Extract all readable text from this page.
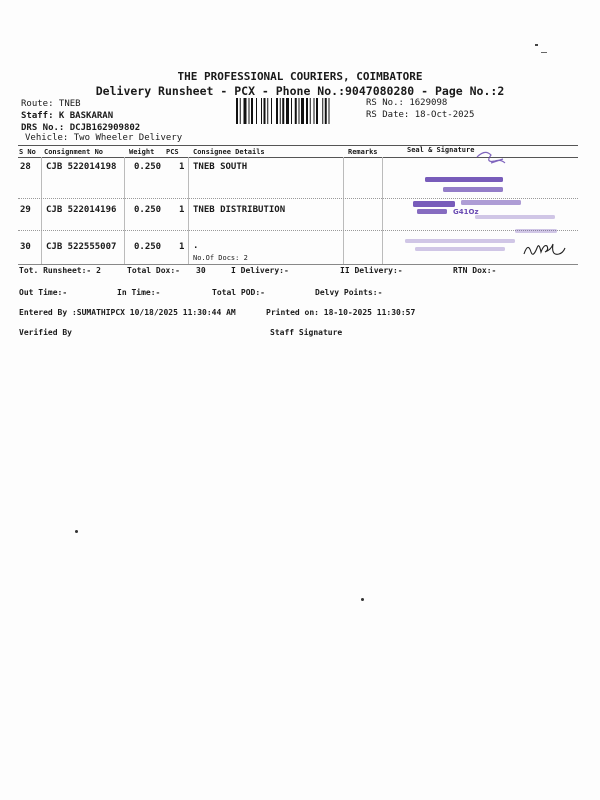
THE PROFESSIONAL COURIERS, COIMBATORE
Delivery Runsheet - PCX - Phone No.:9047080280 - Page No.:2
Route: TNEB
Staff: K BASKARAN
DRS No.: DCJB162909802
Vehicle: Two Wheeler Delivery
RS No.: 1629098
RS Date: 18-Oct-2025
S No Consignment No	Weight PCS Consignee Details	Remarks	Seal & Signature
28 CJB 522014198 0.250 1 TNEB SOUTH
29 CJB 522014196 0.250 1 TNEB DISTRIBUTION
30 CJB 522555007 0.250 1 .
No.Of Docs: 2
G41Oz
Tot. Runsheet:- 2	Total Dox:- 30	I Delivery:-	II Delivery:-	RTN Dox:-
Out Time:-	In Time:-	Total POD:-	Delvy Points:-
Entered By :SUMATHIPCX 10/18/2025 11:30:44 AM	Printed on: 18-10-2025 11:30:57
Verified By	Staff Signature
